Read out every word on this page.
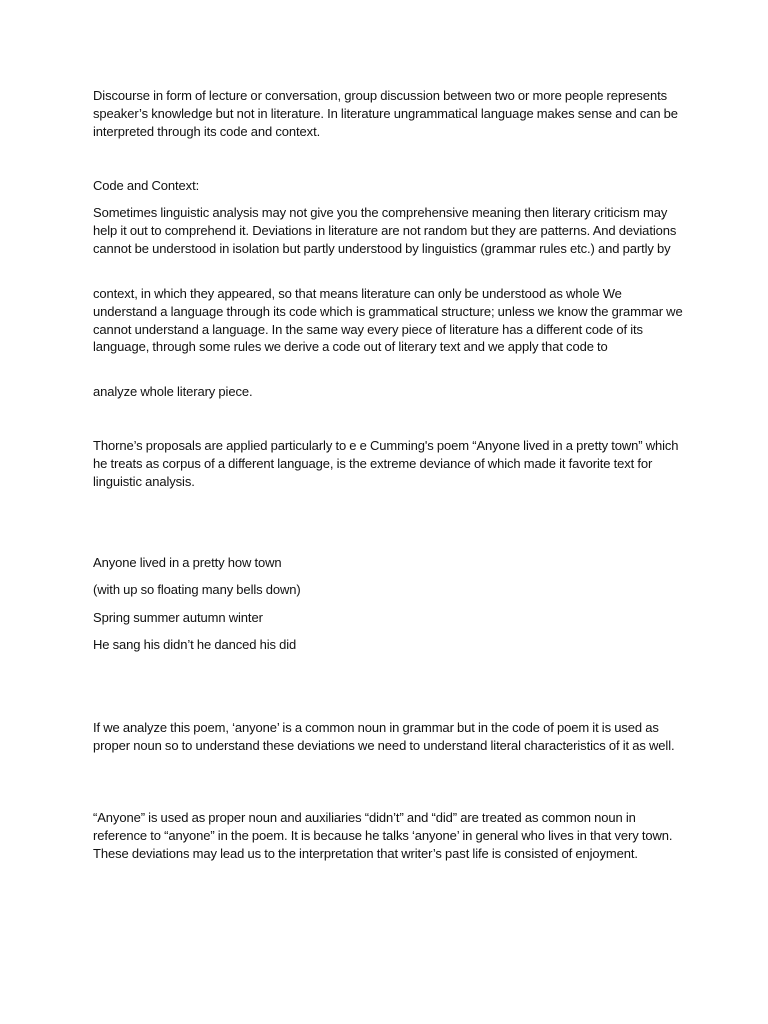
Discourse in form of lecture or conversation, group discussion between two or more people represents speaker’s knowledge but not in literature. In literature ungrammatical language makes sense and can be interpreted through its code and context.

Code and Context:

Sometimes linguistic analysis may not give you the comprehensive meaning then literary criticism may help it out to comprehend it. Deviations in literature are not random but they are patterns. And deviations cannot be understood in isolation but partly understood by linguistics (grammar rules etc.) and partly by

context, in which they appeared, so that means literature can only be understood as whole We understand a language through its code which is grammatical structure; unless we know the grammar we cannot understand a language. In the same way every piece of literature has a different code of its language, through some rules we derive a code out of literary text and we apply that code to

analyze whole literary piece.

Thorne’s proposals are applied particularly to e e Cumming's poem “Anyone lived in a pretty town” which he treats as corpus of a different language, is the extreme deviance of which made it favorite text for linguistic analysis.

Anyone lived in a pretty how town

(with up so floating many bells down)

Spring summer autumn winter

He sang his didn’t he danced his did

If we analyze this poem, ‘anyone’ is a common noun in grammar but in the code of poem it is used as proper noun so to understand these deviations we need to understand literal characteristics of it as well.

“Anyone” is used as proper noun and auxiliaries “didn’t” and “did” are treated as common noun in reference to “anyone” in the poem. It is because he talks ‘anyone’ in general who lives in that very town. These deviations may lead us to the interpretation that writer’s past life is consisted of enjoyment.
